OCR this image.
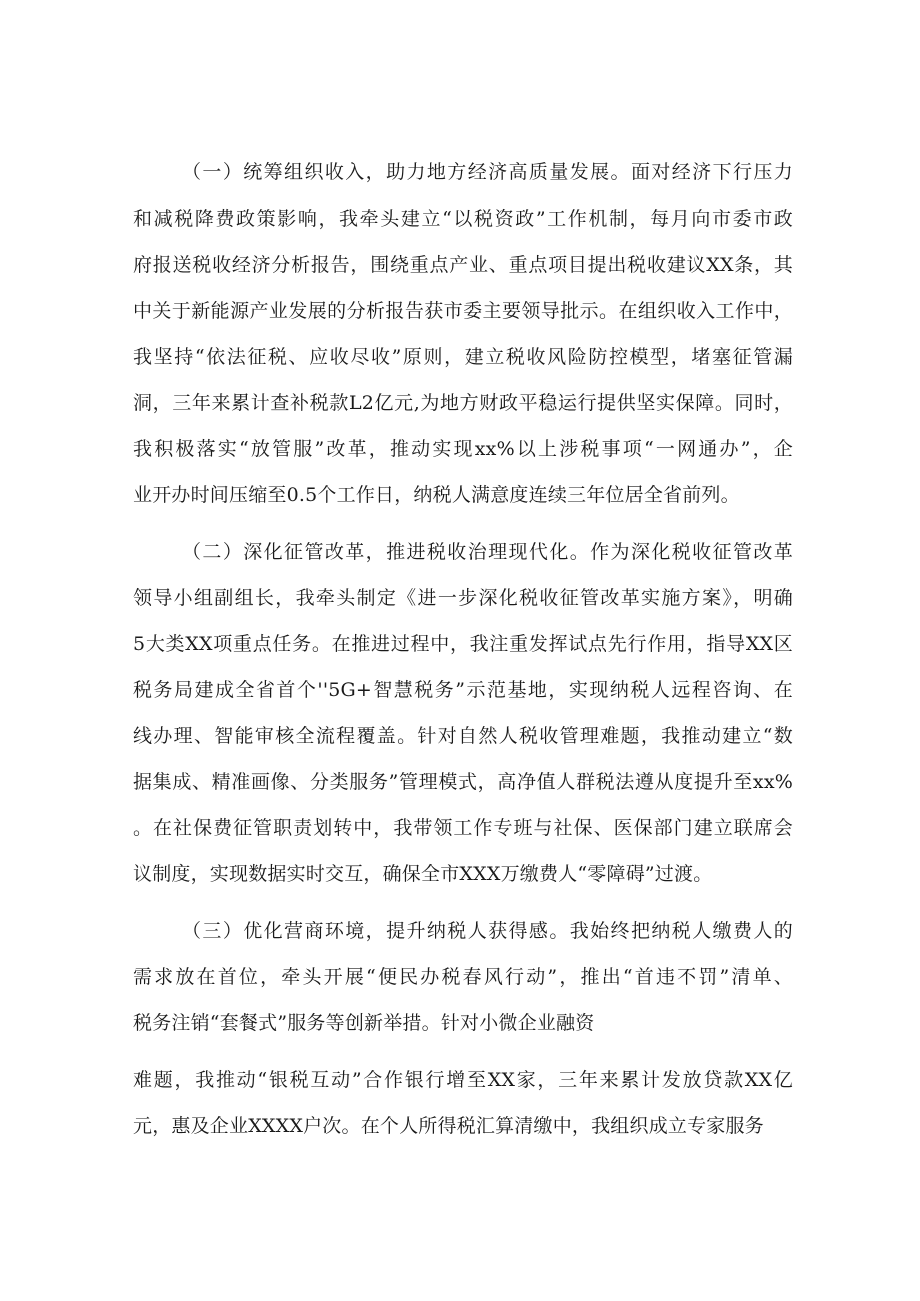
（一）统筹组织收入，助力地方经济高质量发展。面对经济下行压力
和减税降费政策影响，我牵头建立“以税资政”工作机制，每月向市委市政
府报送税收经济分析报告，围绕重点产业、重点项目提出税收建议XX条，其
中关于新能源产业发展的分析报告获市委主要领导批示。在组织收入工作中，
我坚持“依法征税、应收尽收”原则，建立税收风险防控模型，堵塞征管漏
洞，三年来累计查补税款L2亿元,为地方财政平稳运行提供坚实保障。同时，
我积极落实“放管服”改革，推动实现xx%以上涉税事项“一网通办”，企
业开办时间压缩至0.5个工作日，纳税人满意度连续三年位居全省前列。
（二）深化征管改革，推进税收治理现代化。作为深化税收征管改革
领导小组副组长，我牵头制定《进一步深化税收征管改革实施方案》，明确
5大类XX项重点任务。在推进过程中，我注重发挥试点先行作用，指导XX区
税务局建成全省首个''5G+智慧税务”示范基地，实现纳税人远程咨询、在
线办理、智能审核全流程覆盖。针对自然人税收管理难题，我推动建立“数
据集成、精准画像、分类服务”管理模式，高净值人群税法遵从度提升至xx%
。在社保费征管职责划转中，我带领工作专班与社保、医保部门建立联席会
议制度，实现数据实时交互，确保全市XXX万缴费人“零障碍”过渡。
（三）优化营商环境，提升纳税人获得感。我始终把纳税人缴费人的
需求放在首位，牵头开展“便民办税春风行动”，推出“首违不罚”清单、
税务注销“套餐式”服务等创新举措。针对小微企业融资
难题，我推动“银税互动”合作银行增至XX家，三年来累计发放贷款XX亿
元，惠及企业XXXX户次。在个人所得税汇算清缴中，我组织成立专家服务
